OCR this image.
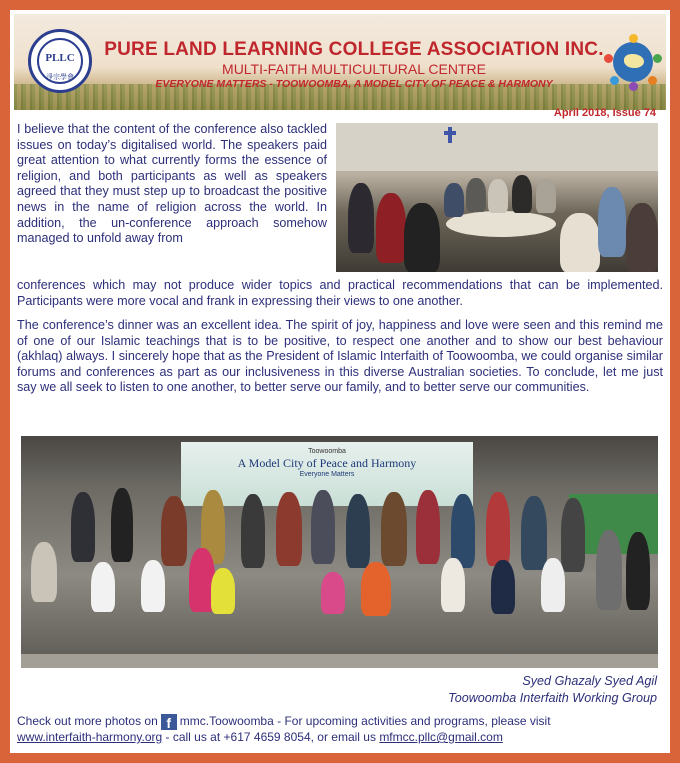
PLLC
淨宗學會
PURE LAND LEARNING COLLEGE ASSOCIATION INC.
MULTI-FAITH MULTICULTURAL CENTRE
EVERYONE MATTERS - TOOWOOMBA, A MODEL CITY OF PEACE & HARMONY
April 2018, Issue 74

I believe that the content of the conference also tackled issues on today’s digitalised world. The speakers paid great attention to what currently forms the essence of religion, and both participants as well as speakers agreed that they must step up to broadcast the positive news in the name of religion across the world. In addition, the un-conference approach somehow managed to unfold away from

conferences which may not produce wider topics and practical recommendations that can be implemented. Participants were more vocal and frank in expressing their views to one another.

The conference’s dinner was an excellent idea. The spirit of joy, happiness and love were seen and this remind me of one of our Islamic teachings that is to be positive, to respect one another and to show our best behaviour (akhlaq) always. I sincerely hope that as the President of Islamic Interfaith of Toowoomba, we could organise similar forums and conferences as part as our inclusiveness in this diverse Australian societies. To conclude, let me just say we all seek to listen to one another, to better serve our family, and to better serve our communities.

Toowoomba
A Model City of Peace and Harmony
Everyone Matters
Syed Ghazaly Syed Agil
Toowoomba Interfaith Working Group
Check out more photos on f mmc.Toowoomba - For upcoming activities and programs, please visit
www.interfaith-harmony.org - call us at +617 4659 8054, or email us mfmcc.pllc@gmail.com
